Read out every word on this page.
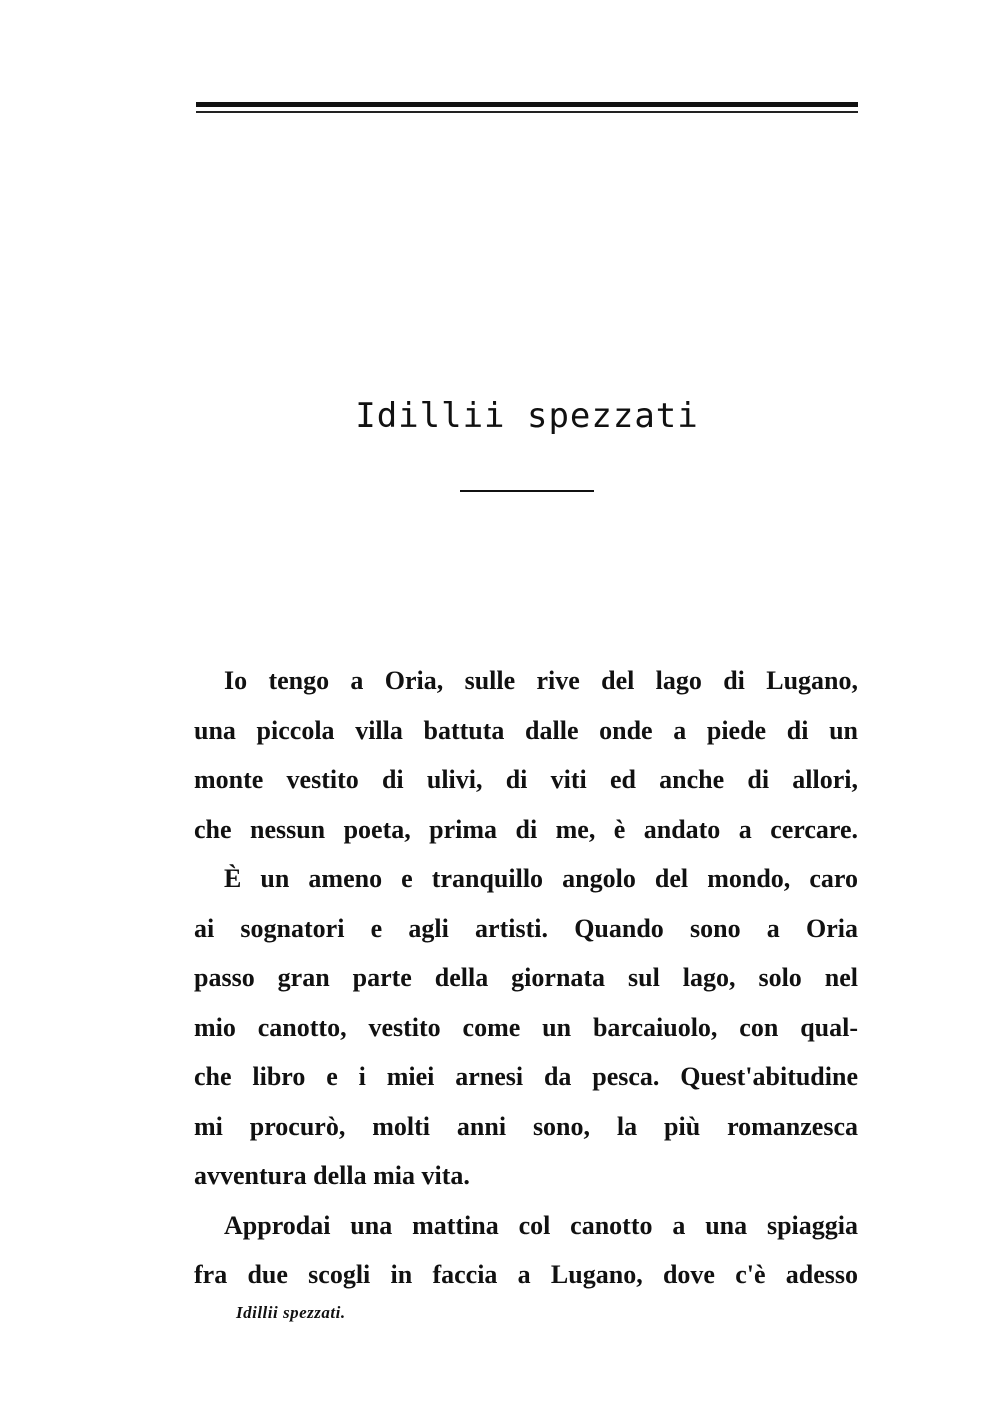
Idillii spezzati
Io tengo a Oria, sulle rive del lago di Lugano,
una piccola villa battuta dalle onde a piede di un
monte vestito di ulivi, di viti ed anche di allori,
che nessun poeta, prima di me, è andato a cercare.
È un ameno e tranquillo angolo del mondo, caro
ai sognatori e agli artisti. Quando sono a Oria
passo gran parte della giornata sul lago, solo nel
mio canotto, vestito come un barcaiuolo, con qual-
che libro e i miei arnesi da pesca. Quest'abitudine
mi procurò, molti anni sono, la più romanzesca
avventura della mia vita.
Approdai una mattina col canotto a una spiaggia
fra due scogli in faccia a Lugano, dove c'è adesso
Idillii spezzati.
